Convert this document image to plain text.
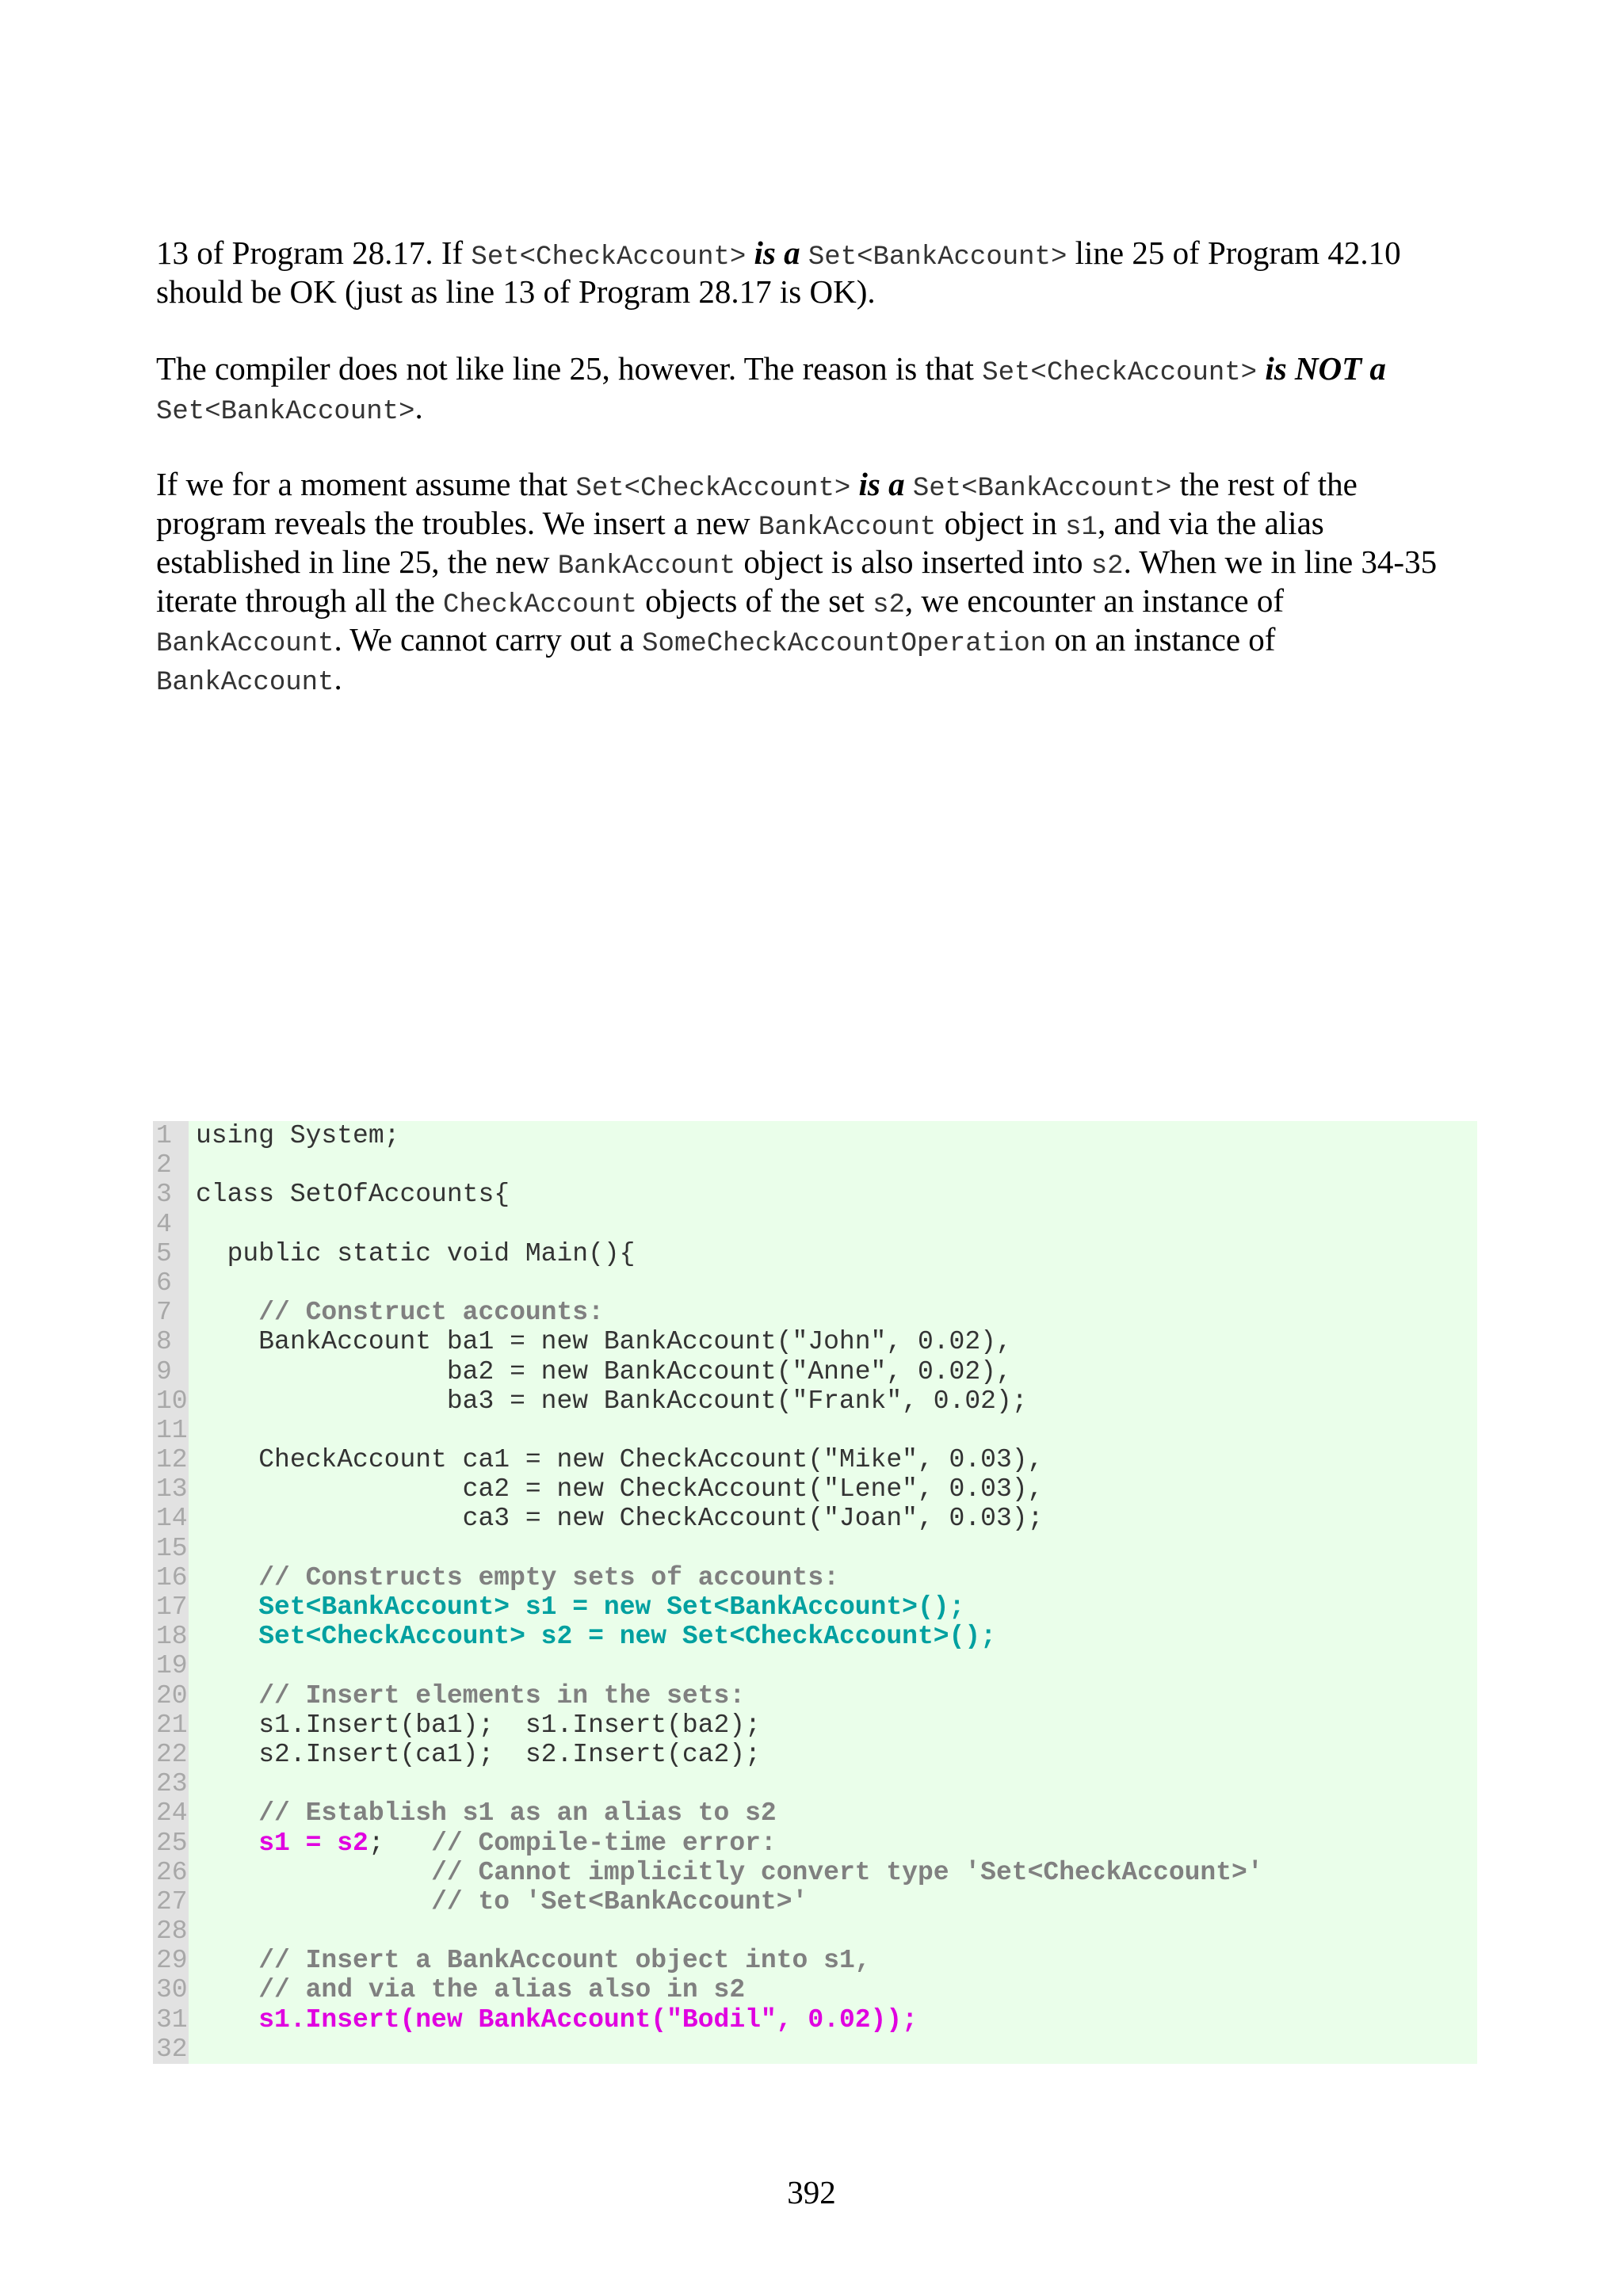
13 of Program 28.17. If Set<CheckAccount> is a Set<BankAccount> line 25 of Program 42.10
should be OK (just as line 13 of Program 28.17 is OK).
The compiler does not like line 25, however. The reason is that Set<CheckAccount> is NOT a
Set<BankAccount>.
If we for a moment assume that Set<CheckAccount> is a Set<BankAccount> the rest of the
program reveals the troubles. We insert a new BankAccount object in s1, and via the alias
established in line 25, the new BankAccount object is also inserted into s2. When we in line 34-35
iterate through all the CheckAccount objects of the set s2, we encounter an instance of
BankAccount. We cannot carry out a SomeCheckAccountOperation on an instance of
BankAccount.
1 using System;
2
3 class SetOfAccounts{
4
5 public static void Main(){
6
7	// Construct accounts:
8 BankAccount ba1 = new BankAccount("John", 0.02),
9 ba2 = new BankAccount("Anne", 0.02),
10 ba3 = new BankAccount("Frank", 0.02);
11
12 CheckAccount ca1 = new CheckAccount("Mike", 0.03),
13 ca2 = new CheckAccount("Lene", 0.03),
14 ca3 = new CheckAccount("Joan", 0.03);
15
16	// Constructs empty sets of accounts:
17	Set<BankAccount> s1 = new Set<BankAccount>();
18	Set<CheckAccount> s2 = new Set<CheckAccount>();
19
20	// Insert elements in the sets:
21 s1.Insert(ba1);  s1.Insert(ba2);
22 s2.Insert(ca1);  s2.Insert(ca2);
23
24	// Establish s1 as an alias to s2
25	s1 = s2;   // Compile-time error:
26	// Cannot implicitly convert type 'Set<CheckAccount>'
27	// to 'Set<BankAccount>'
28
29	// Insert a BankAccount object into s1,
30	// and via the alias also in s2
31	s1.Insert(new BankAccount("Bodil", 0.02));
32
392
